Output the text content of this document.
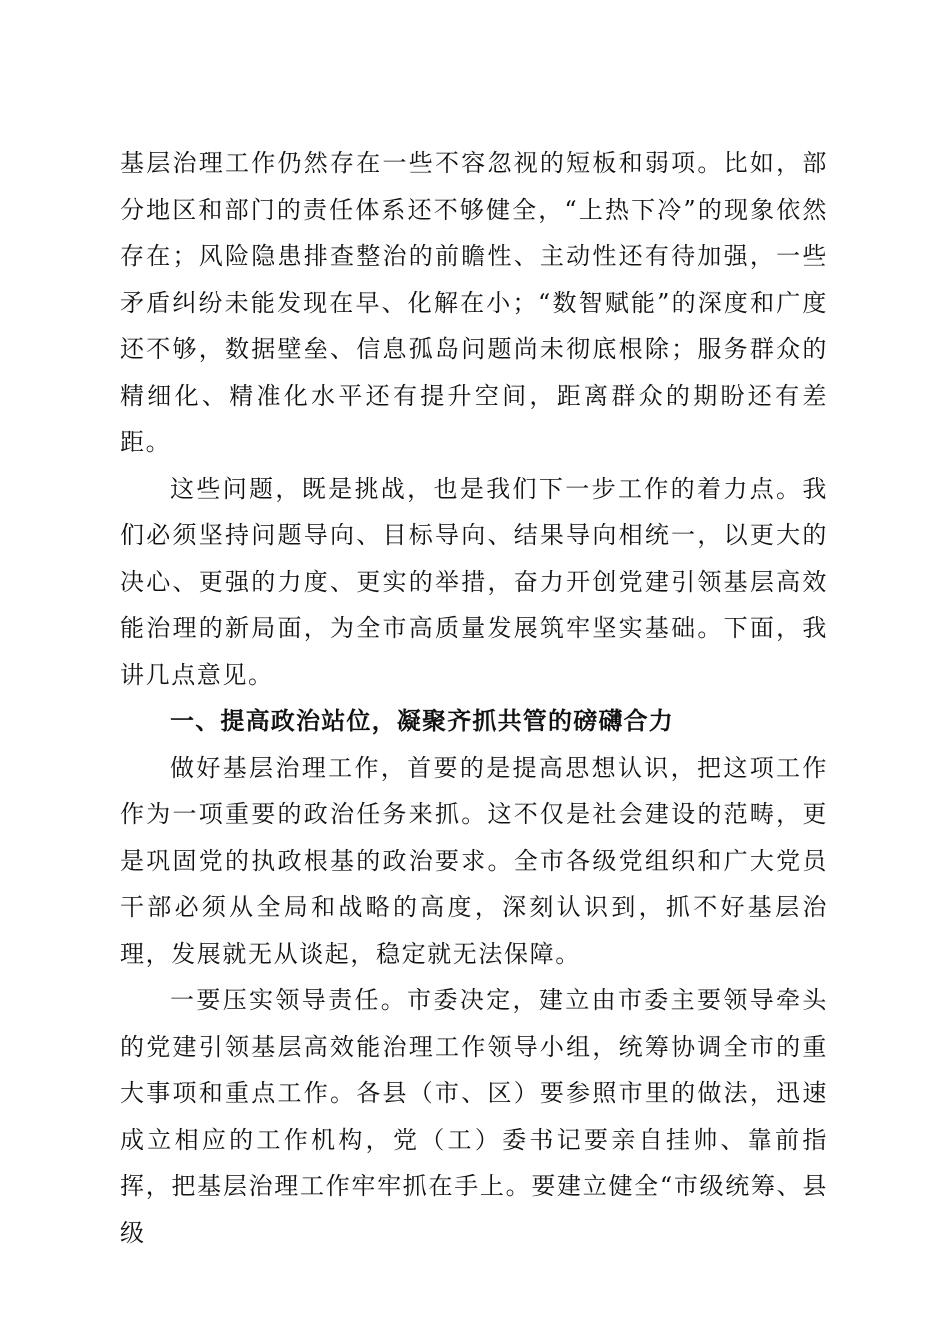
基层治理工作仍然存在一些不容忽视的短板和弱项。比如，部分地区和部门的责任体系还不够健全，“上热下冷”的现象依然存在；风险隐患排查整治的前瞻性、主动性还有待加强，一些矛盾纠纷未能发现在早、化解在小；“数智赋能”的深度和广度还不够，数据壁垒、信息孤岛问题尚未彻底根除；服务群众的精细化、精准化水平还有提升空间，距离群众的期盼还有差距。

这些问题，既是挑战，也是我们下一步工作的着力点。我们必须坚持问题导向、目标导向、结果导向相统一，以更大的决心、更强的力度、更实的举措，奋力开创党建引领基层高效能治理的新局面，为全市高质量发展筑牢坚实基础。下面，我讲几点意见。

一、提高政治站位，凝聚齐抓共管的磅礴合力

做好基层治理工作，首要的是提高思想认识，把这项工作作为一项重要的政治任务来抓。这不仅是社会建设的范畴，更是巩固党的执政根基的政治要求。全市各级党组织和广大党员干部必须从全局和战略的高度，深刻认识到，抓不好基层治理，发展就无从谈起，稳定就无法保障。

一要压实领导责任。市委决定，建立由市委主要领导牵头的党建引领基层高效能治理工作领导小组，统筹协调全市的重大事项和重点工作。各县（市、区）要参照市里的做法，迅速成立相应的工作机构，党（工）委书记要亲自挂帅、靠前指挥，把基层治理工作牢牢抓在手上。要建立健全“市级统筹、县级
